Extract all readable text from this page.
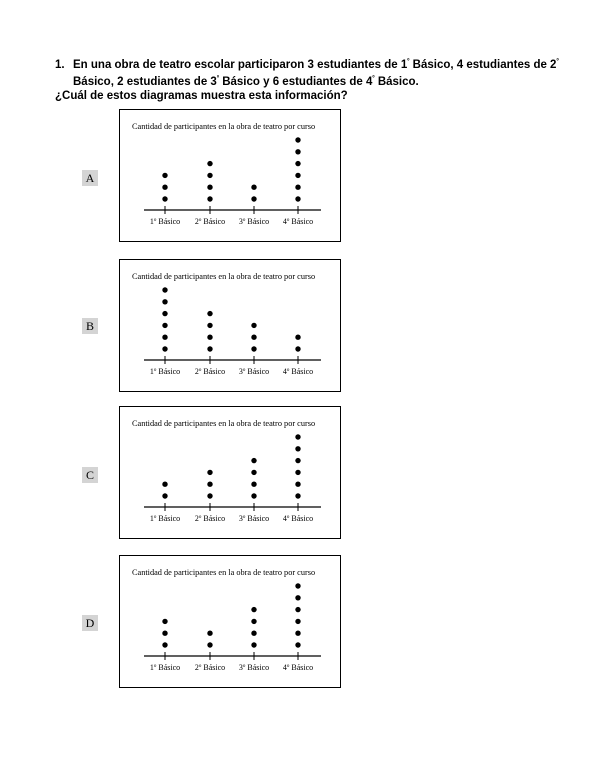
1. En una obra de teatro escolar participaron 3 estudiantes de $1^º$ Básico, 4 estudiantes de $2^º$
Básico, 2 estudiantes de $3^º$ Básico y 6 estudiantes de $4^º$ Básico.
¿Cuál de estos diagramas muestra esta información?
A
Cantidad de participantes en la obra de teatro por curso
1$^o$ Básico 2$^o$ Básico 3$^o$ Básico 4$^o$ Básico
B
Cantidad de participantes en la obra de teatro por curso
1$^o$ Básico 2$^o$ Básico 3$^o$ Básico 4$^o$ Básico
C
Cantidad de participantes en la obra de teatro por curso
1$^o$ Básico 2$^o$ Básico 3$^o$ Básico 4$^o$ Básico
D
Cantidad de participantes en la obra de teatro por curso
1$^o$ Básico 2$^o$ Básico 3$^o$ Básico 4$^o$ Básico
